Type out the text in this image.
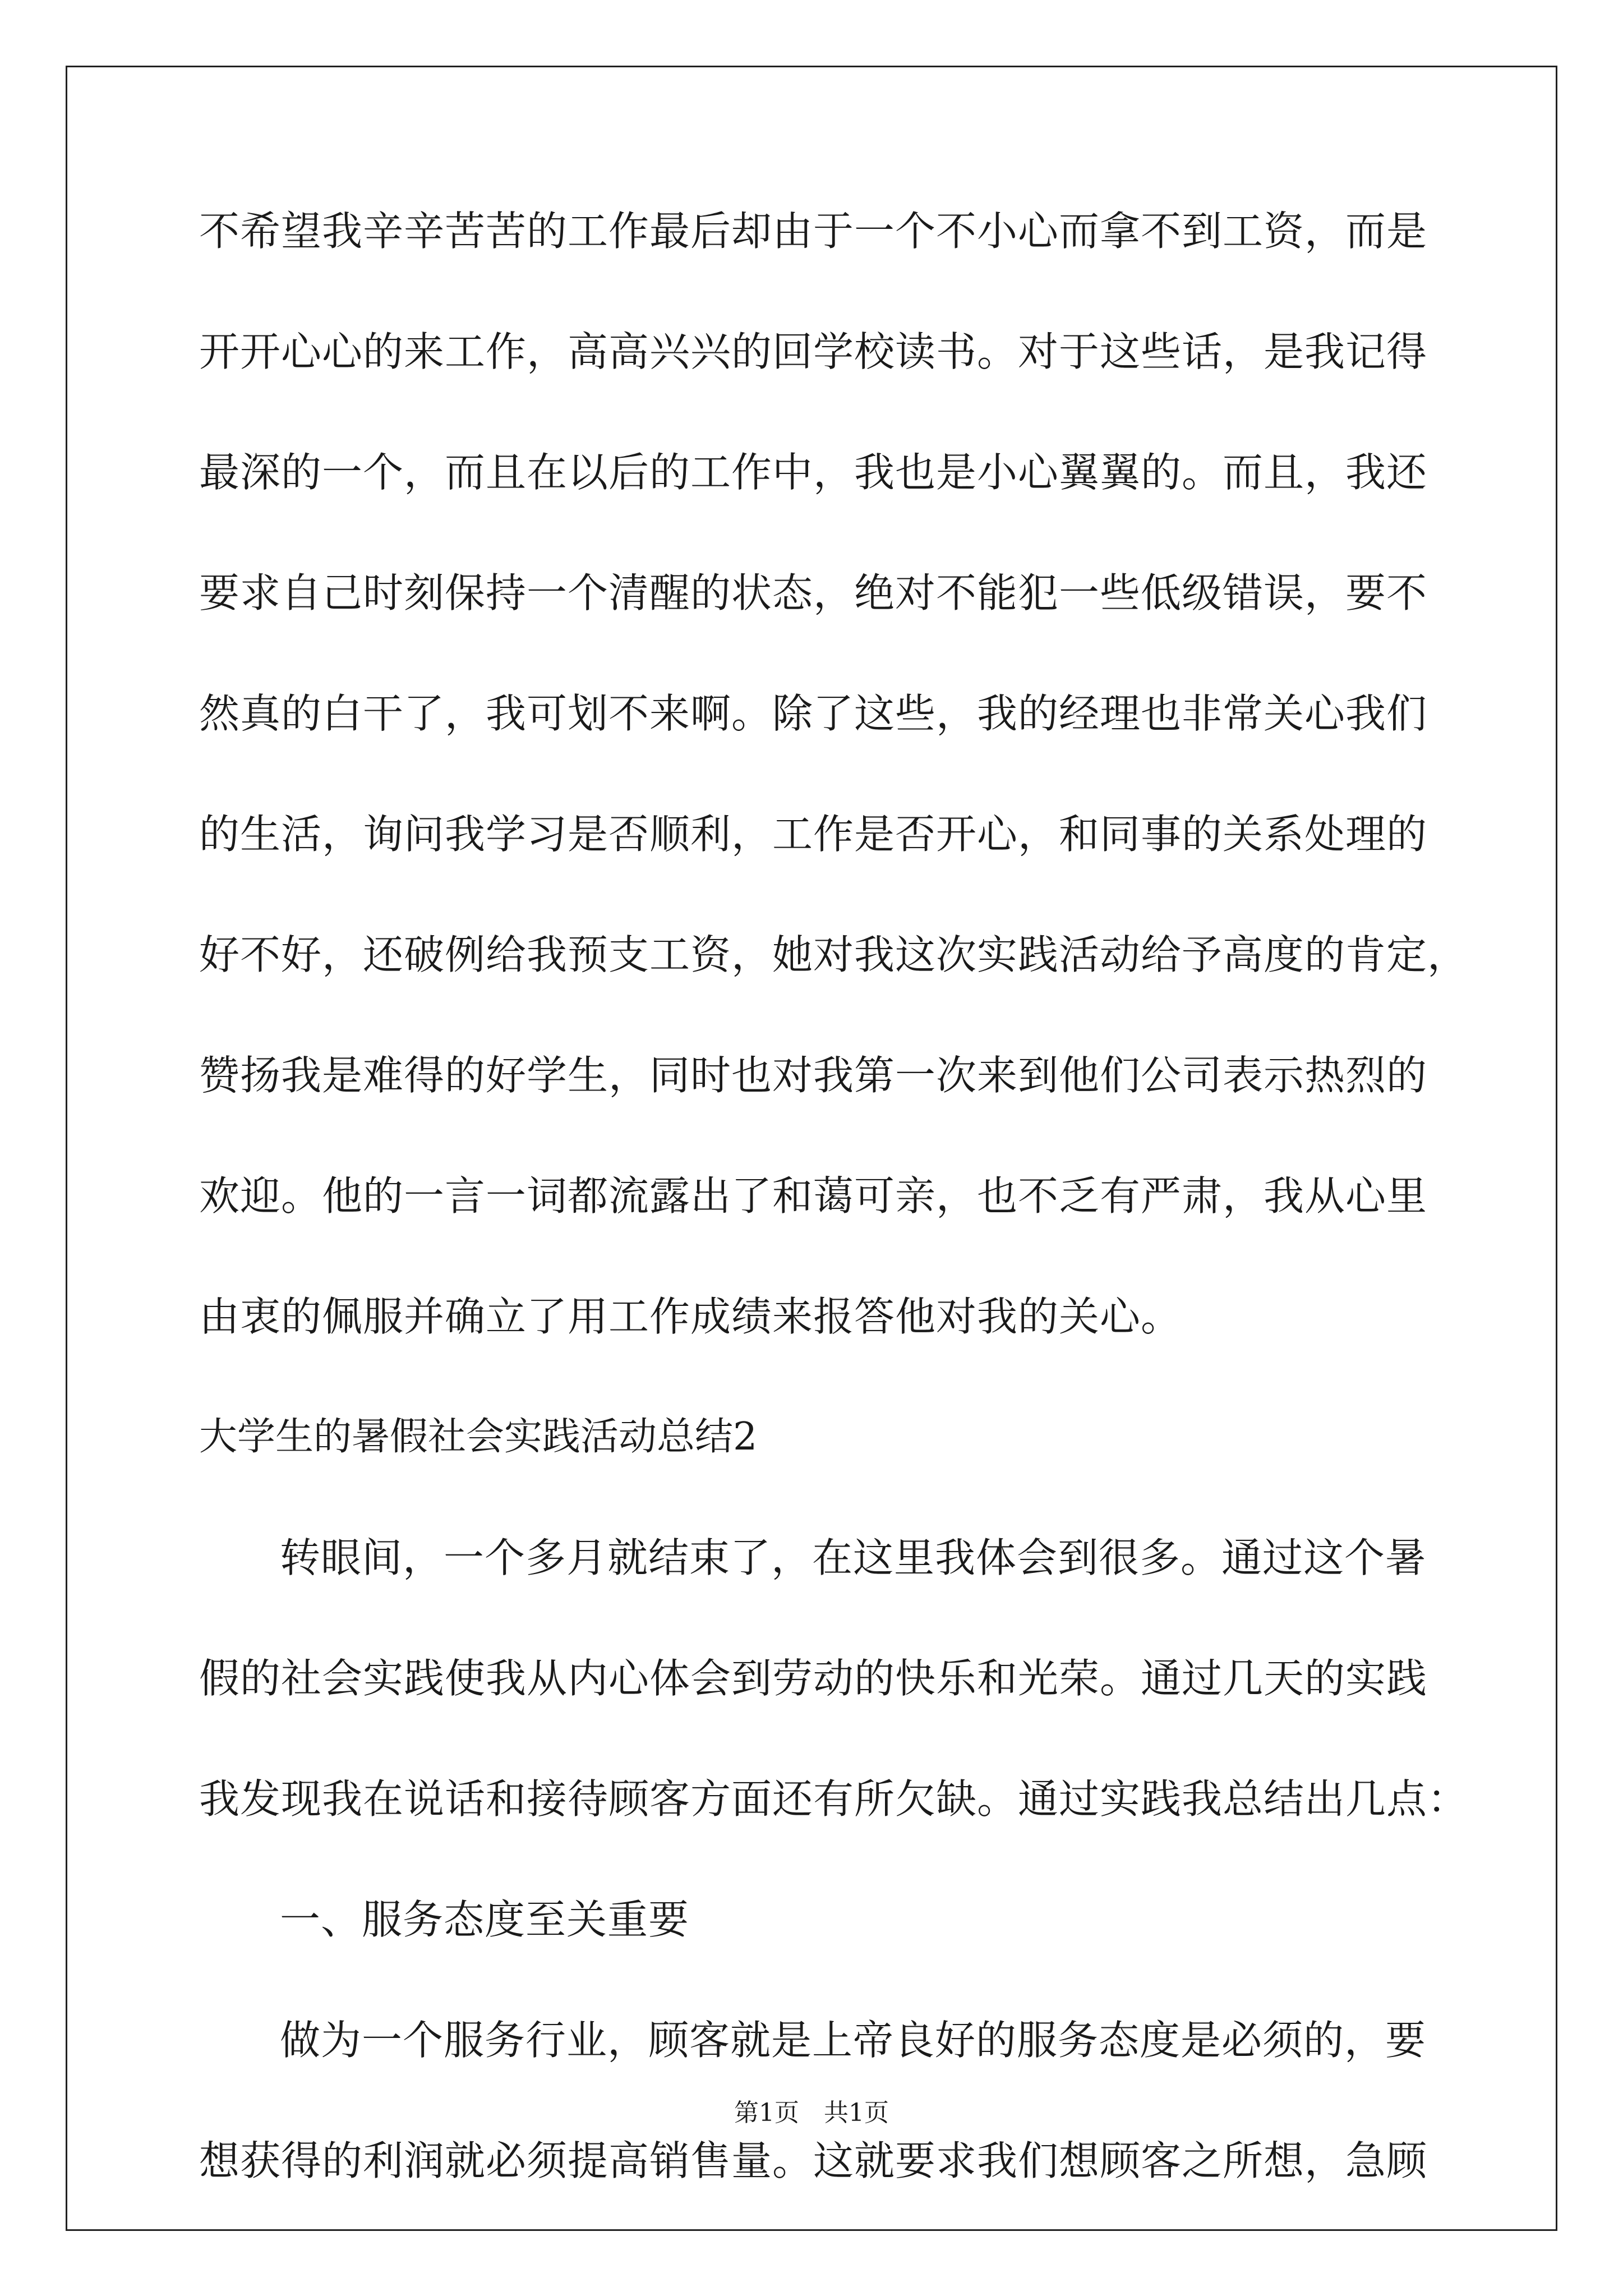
不希望我辛辛苦苦的工作最后却由于一个不小心而拿不到工资，而是
开开心心的来工作，高高兴兴的回学校读书。对于这些话，是我记得
最深的一个，而且在以后的工作中，我也是小心翼翼的。而且，我还
要求自己时刻保持一个清醒的状态，绝对不能犯一些低级错误，要不
然真的白干了，我可划不来啊。除了这些，我的经理也非常关心我们
的生活，询问我学习是否顺利，工作是否开心，和同事的关系处理的
好不好，还破例给我预支工资，她对我这次实践活动给予高度的肯定，
赞扬我是难得的好学生，同时也对我第一次来到他们公司表示热烈的
欢迎。他的一言一词都流露出了和蔼可亲，也不乏有严肃，我从心里
由衷的佩服并确立了用工作成绩来报答他对我的关心。
大学生的暑假社会实践活动总结2
转眼间，一个多月就结束了，在这里我体会到很多。通过这个暑
假的社会实践使我从内心体会到劳动的快乐和光荣。通过几天的实践
我发现我在说话和接待顾客方面还有所欠缺。通过实践我总结出几点：
一、服务态度至关重要
做为一个服务行业，顾客就是上帝良好的服务态度是必须的，要
想获得的利润就必须提高销售量。这就要求我们想顾客之所想，急顾
第1页　共1页
